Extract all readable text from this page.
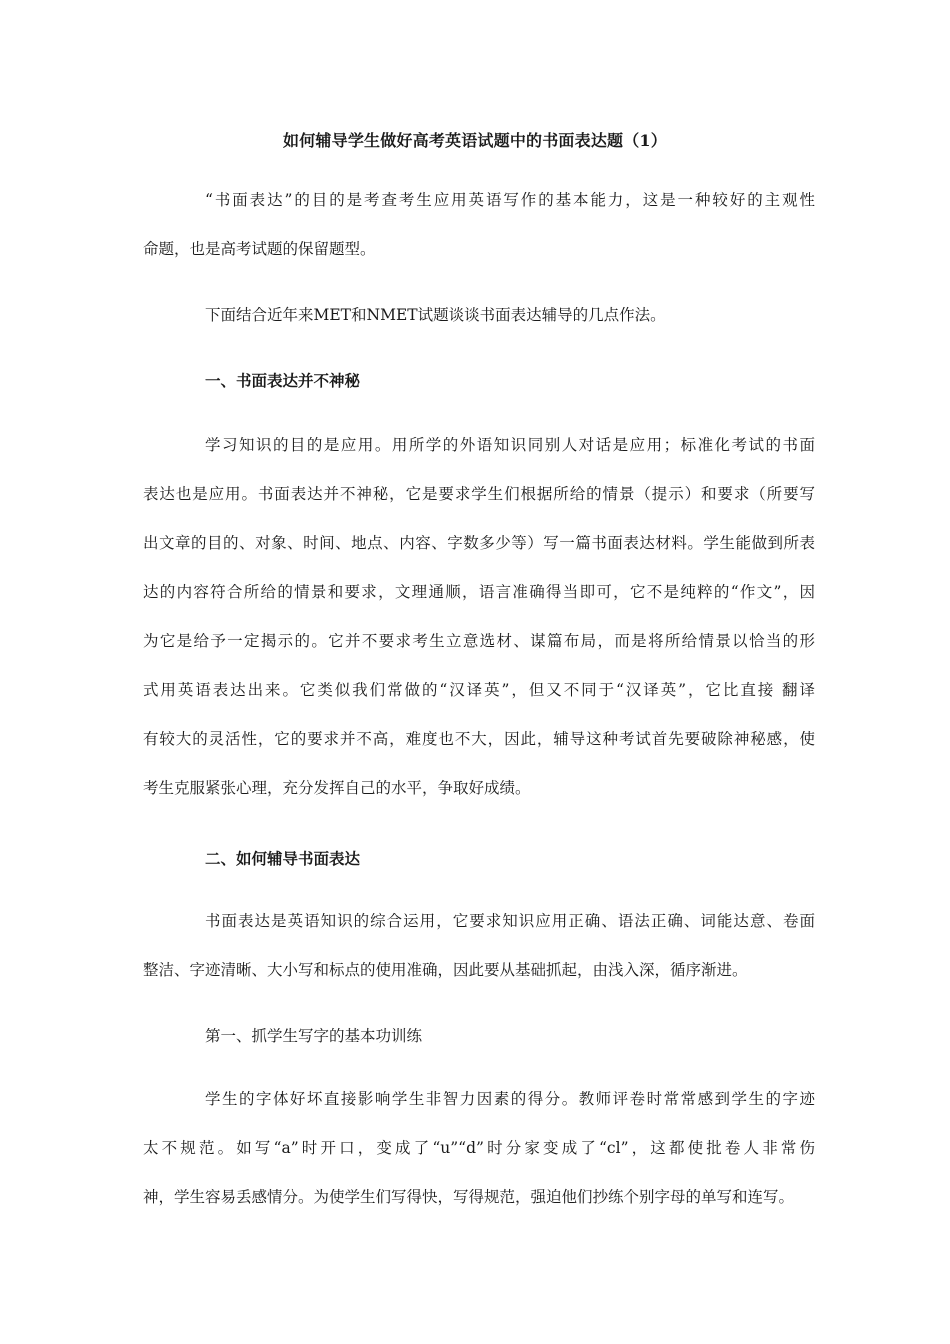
如何辅导学生做好高考英语试题中的书面表达题（1）
“书面表达”的目的是考查考生应用英语写作的基本能力，这是一种较好的主观性
命题，也是高考试题的保留题型。
下面结合近年来MET和NMET试题谈谈书面表达辅导的几点作法。
一、书面表达并不神秘
学习知识的目的是应用。用所学的外语知识同别人对话是应用；标准化考试的书面
表达也是应用。书面表达并不神秘，它是要求学生们根据所给的情景（提示）和要求（所要写
出文章的目的、对象、时间、地点、内容、字数多少等）写一篇书面表达材料。学生能做到所表
达的内容符合所给的情景和要求，文理通顺，语言准确得当即可，它不是纯粹的“作文”，因
为它是给予一定揭示的。它并不要求考生立意选材、谋篇布局，而是将所给情景以恰当的形
式用英语表达出来。它类似我们常做的“汉译英”，但又不同于“汉译英”，它比直接 翻译
有较大的灵活性，它的要求并不高，难度也不大，因此，辅导这种考试首先要破除神秘感，使
考生克服紧张心理，充分发挥自己的水平，争取好成绩。
二、如何辅导书面表达
书面表达是英语知识的综合运用，它要求知识应用正确、语法正确、词能达意、卷面
整洁、字迹清晰、大小写和标点的使用准确，因此要从基础抓起，由浅入深，循序渐进。
第一、抓学生写字的基本功训练
学生的字体好坏直接影响学生非智力因素的得分。教师评卷时常常感到学生的字迹
太不规范。如写“a”时开口，变成了“u”“d”时分家变成了“cl”，这都使批卷人非常伤
神，学生容易丢感情分。为使学生们写得快，写得规范，强迫他们抄练个别字母的单写和连写。
